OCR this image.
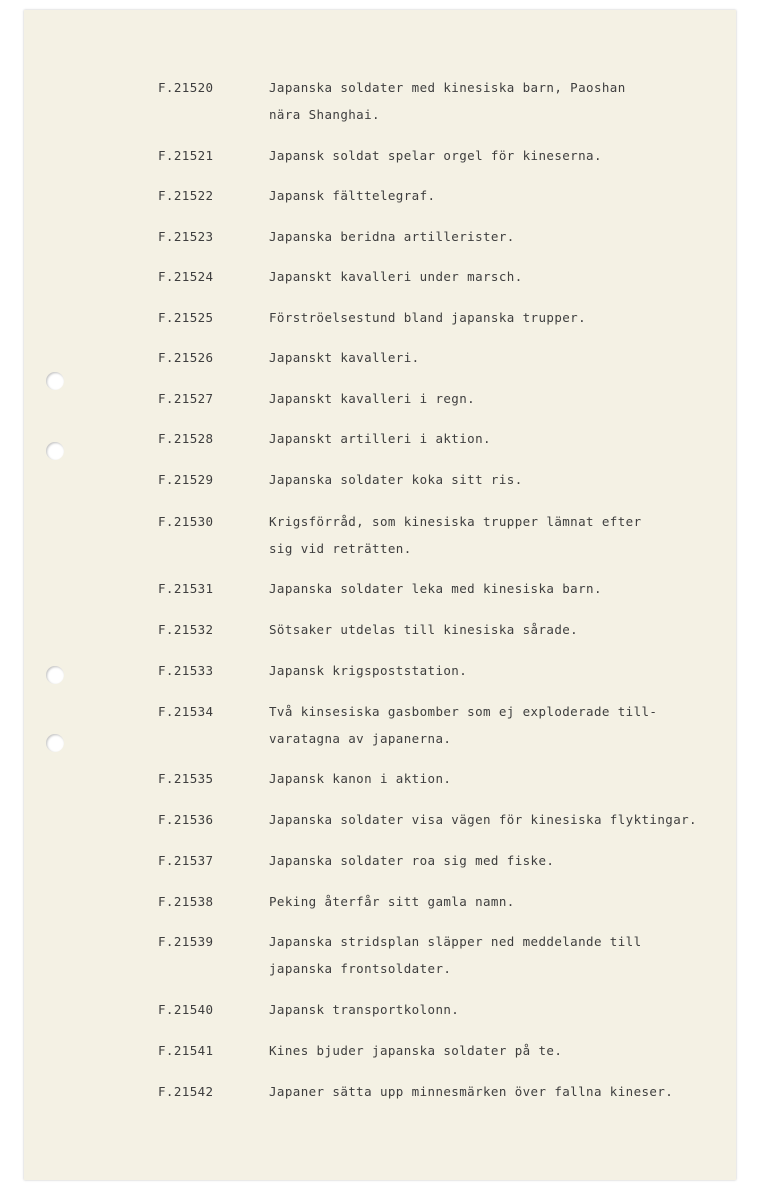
F.21520	Japanska soldater med kinesiska barn, Paoshan
nära Shanghai.
F.21521	Japansk soldat spelar orgel för kineserna.
F.21522	Japansk fälttelegraf.
F.21523	Japanska beridna artillerister.
F.21524	Japanskt kavalleri under marsch.
F.21525	Förströelsestund bland japanska trupper.
F.21526	Japanskt kavalleri.
F.21527	Japanskt kavalleri i regn.
F.21528	Japanskt artilleri i aktion.
F.21529	Japanska soldater koka sitt ris.
F.21530	Krigsförråd, som kinesiska trupper lämnat efter
sig vid reträtten.
F.21531	Japanska soldater leka med kinesiska barn.
F.21532	Sötsaker utdelas till kinesiska sårade.
F.21533	Japansk krigspoststation.
F.21534	Två kinsesiska gasbomber som ej exploderade till-
varatagna av japanerna.
F.21535	Japansk kanon i aktion.
F.21536	Japanska soldater visa vägen för kinesiska flyktingar.
F.21537	Japanska soldater roa sig med fiske.
F.21538	Peking återfår sitt gamla namn.
F.21539	Japanska stridsplan släpper ned meddelande till
japanska frontsoldater.
F.21540	Japansk transportkolonn.
F.21541	Kines bjuder japanska soldater på te.
F.21542	Japaner sätta upp minnesmärken över fallna kineser.
